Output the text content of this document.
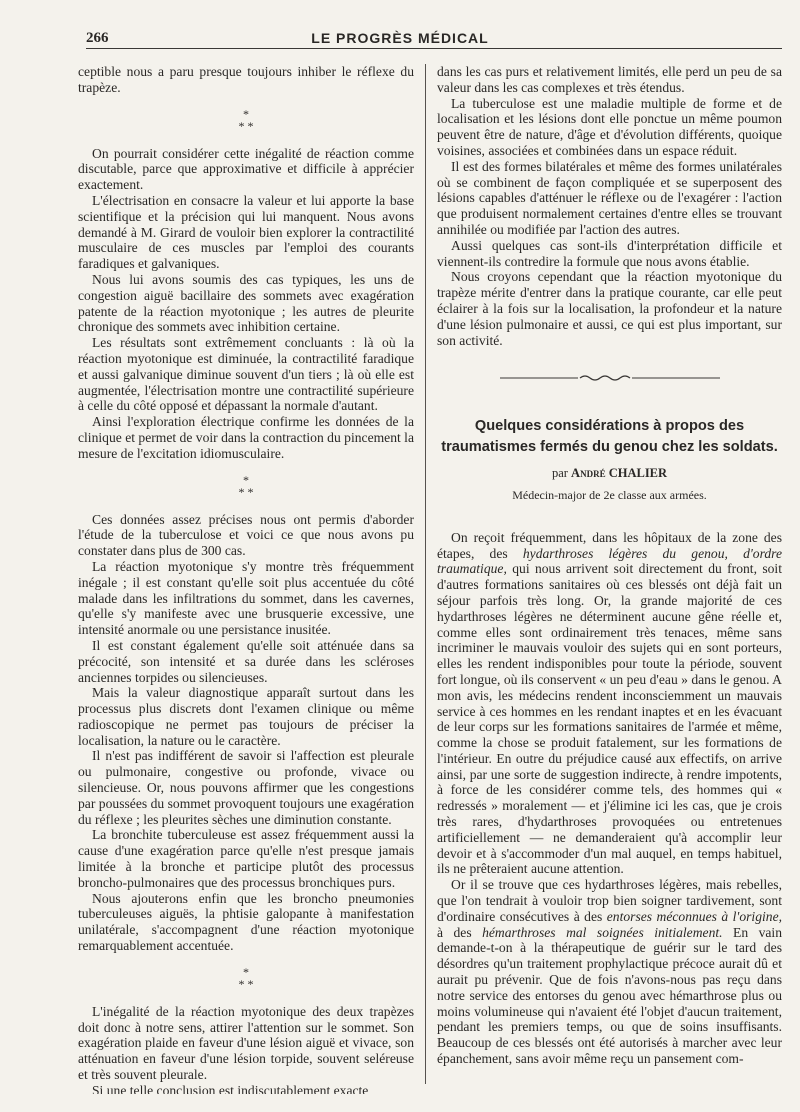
266	LE PROGRÈS MÉDICAL

ceptible nous a paru presque toujours inhiber le réflexe du trapèze.

*
* *

On pourrait considérer cette inégalité de réaction comme discutable, parce que approximative et difficile à apprécier exactement.

L'électrisation en consacre la valeur et lui apporte la base scientifique et la précision qui lui manquent. Nous avons demandé à M. Girard de vouloir bien explorer la contractilité musculaire de ces muscles par l'emploi des courants faradiques et galvaniques.

Nous lui avons soumis des cas typiques, les uns de congestion aiguë bacillaire des sommets avec exagération patente de la réaction myotonique ; les autres de pleurite chronique des sommets avec inhibition certaine.

Les résultats sont extrêmement concluants : là où la réaction myotonique est diminuée, la contractilité faradique et aussi galvanique diminue souvent d'un tiers ; là où elle est augmentée, l'électrisation montre une contractilité supérieure à celle du côté opposé et dépassant la normale d'autant.

Ainsi l'exploration électrique confirme les données de la clinique et permet de voir dans la contraction du pincement la mesure de l'excitation idiomusculaire.

*
* *

Ces données assez précises nous ont permis d'aborder l'étude de la tuberculose et voici ce que nous avons pu constater dans plus de 300 cas.

La réaction myotonique s'y montre très fréquemment inégale ; il est constant qu'elle soit plus accentuée du côté malade dans les infiltrations du sommet, dans les cavernes, qu'elle s'y manifeste avec une brusquerie excessive, une intensité anormale ou une persistance inusitée.

Il est constant également qu'elle soit atténuée dans sa précocité, son intensité et sa durée dans les scléroses anciennes torpides ou silencieuses.

Mais la valeur diagnostique apparaît surtout dans les processus plus discrets dont l'examen clinique ou même radioscopique ne permet pas toujours de préciser la localisation, la nature ou le caractère.

Il n'est pas indifférent de savoir si l'affection est pleurale ou pulmonaire, congestive ou profonde, vivace ou silencieuse. Or, nous pouvons affirmer que les congestions par poussées du sommet provoquent toujours une exagération du réflexe ; les pleurites sèches une diminution constante.

La bronchite tuberculeuse est assez fréquemment aussi la cause d'une exagération parce qu'elle n'est presque jamais limitée à la bronche et participe plutôt des processus broncho-pulmonaires que des processus bronchiques purs.

Nous ajouterons enfin que les broncho pneumonies tuberculeuses aiguës, la phtisie galopante à manifestation unilatérale, s'accompagnent d'une réaction myotonique remarquablement accentuée.

*
* *

L'inégalité de la réaction myotonique des deux trapèzes doit donc à notre sens, attirer l'attention sur le sommet. Son exagération plaide en faveur d'une lésion aiguë et vivace, son atténuation en faveur d'une lésion torpide, souvent seléreuse et très souvent pleurale.

Si une telle conclusion est indiscutablement exacte

dans les cas purs et relativement limités, elle perd un peu de sa valeur dans les cas complexes et très étendus.

La tuberculose est une maladie multiple de forme et de localisation et les lésions dont elle ponctue un même poumon peuvent être de nature, d'âge et d'évolution différents, quoique voisines, associées et combinées dans un espace réduit.

Il est des formes bilatérales et même des formes unilatérales où se combinent de façon compliquée et se superposent des lésions capables d'atténuer le réflexe ou de l'exagérer : l'action que produisent normalement certaines d'entre elles se trouvant annihilée ou modifiée par l'action des autres.

Aussi quelques cas sont-ils d'interprétation difficile et viennent-ils contredire la formule que nous avons établie.

Nous croyons cependant que la réaction myotonique du trapèze mérite d'entrer dans la pratique courante, car elle peut éclairer à la fois sur la localisation, la profondeur et la nature d'une lésion pulmonaire et aussi, ce qui est plus important, sur son activité.

Quelques considérations à propos des traumatismes fermés du genou chez les soldats.
par André CHALIER
Médecin-major de 2e classe aux armées.

On reçoit fréquemment, dans les hôpitaux de la zone des étapes, des hydarthroses légères du genou, d'ordre traumatique, qui nous arrivent soit directement du front, soit d'autres formations sanitaires où ces blessés ont déjà fait un séjour parfois très long. Or, la grande majorité de ces hydarthroses légères ne déterminent aucune gêne réelle et, comme elles sont ordinairement très tenaces, même sans incriminer le mauvais vouloir des sujets qui en sont porteurs, elles les rendent indisponibles pour toute la période, souvent fort longue, où ils conservent « un peu d'eau » dans le genou. A mon avis, les médecins rendent inconsciemment un mauvais service à ces hommes en les rendant inaptes et en les évacuant de leur corps sur les formations sanitaires de l'armée et même, comme la chose se produit fatalement, sur les formations de l'intérieur. En outre du préjudice causé aux effectifs, on arrive ainsi, par une sorte de suggestion indirecte, à rendre impotents, à force de les considérer comme tels, des hommes qui « redressés » moralement — et j'élimine ici les cas, que je crois très rares, d'hydarthroses provoquées ou entretenues artificiellement — ne demanderaient qu'à accomplir leur devoir et à s'accommoder d'un mal auquel, en temps habituel, ils ne prêteraient aucune attention.

Or il se trouve que ces hydarthroses légères, mais rebelles, que l'on tendrait à vouloir trop bien soigner tardivement, sont d'ordinaire consécutives à des entorses méconnues à l'origine, à des hémarthroses mal soignées initialement. En vain demande-t-on à la thérapeutique de guérir sur le tard des désordres qu'un traitement prophylactique précoce aurait dû et aurait pu prévenir. Que de fois n'avons-nous pas reçu dans notre service des entorses du genou avec hémarthrose plus ou moins volumineuse qui n'avaient été l'objet d'aucun traitement, pendant les premiers temps, ou que de soins insuffisants. Beaucoup de ces blessés ont été autorisés à marcher avec leur épanchement, sans avoir même reçu un pansement com-
